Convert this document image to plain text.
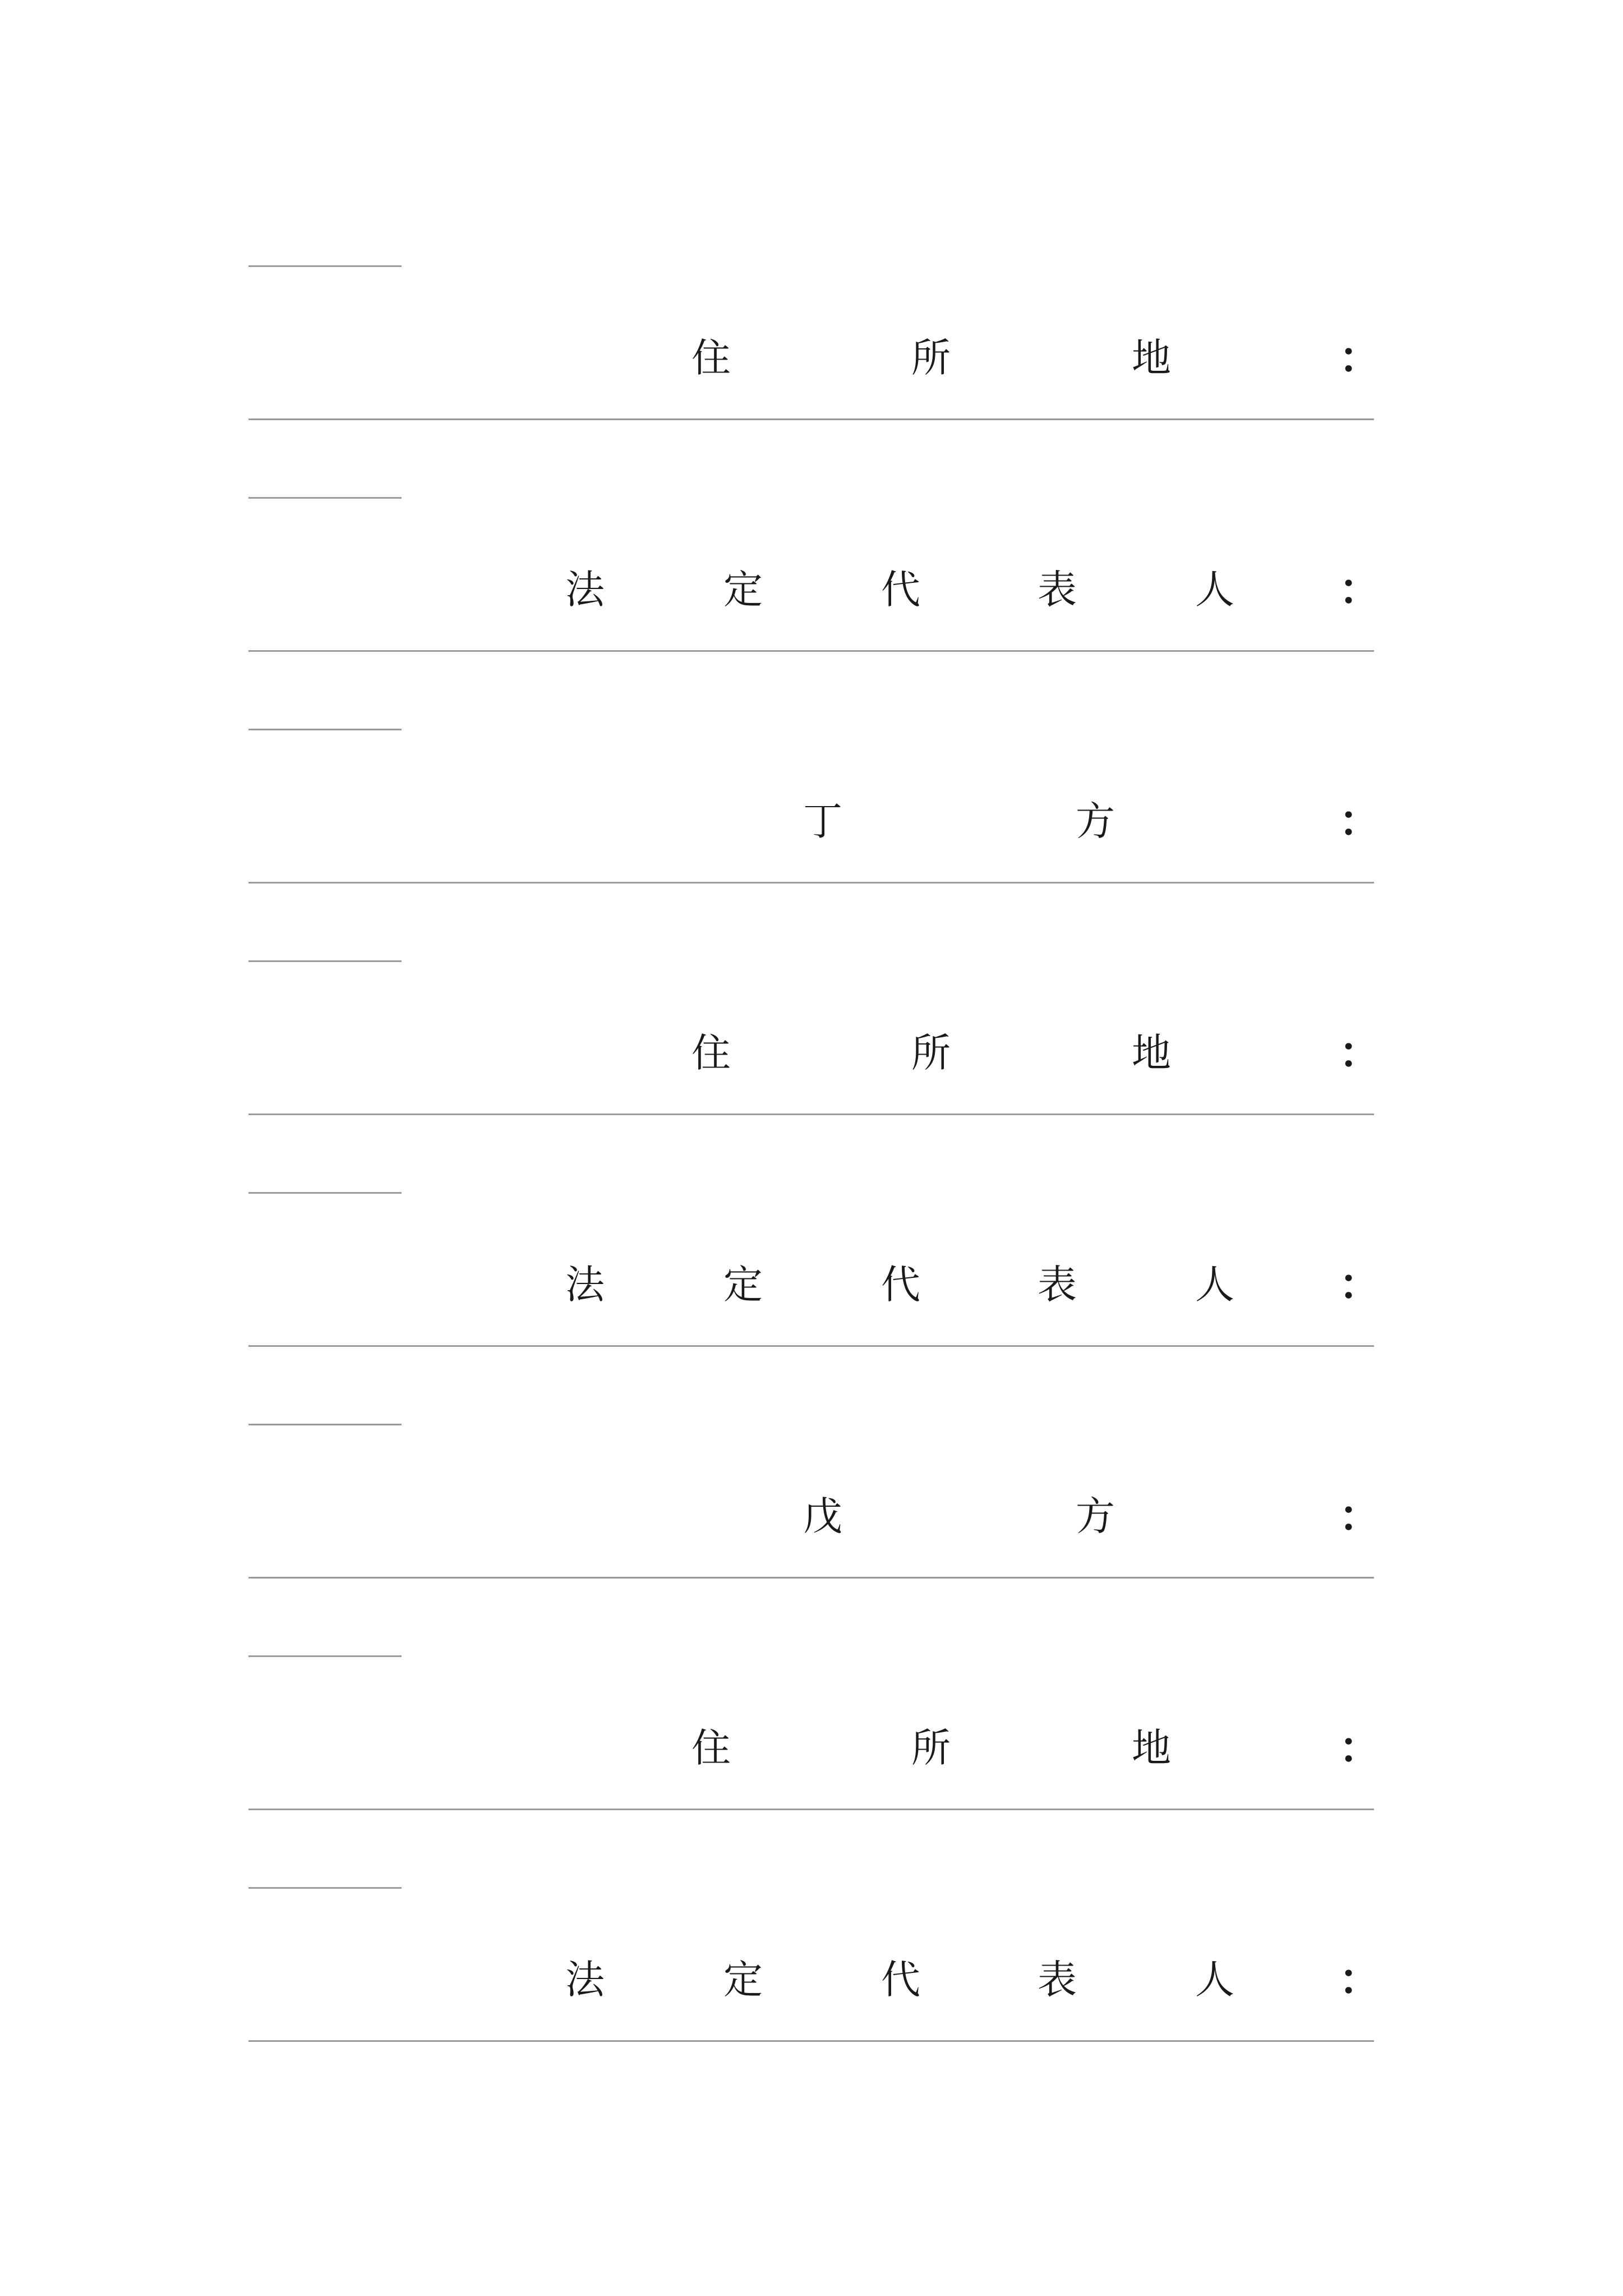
住	所	地	：
法	定	代	表	人 ：
丁	方	：
住	所	地	：
法	定	代	表	人 ：
戊	方	：
住	所	地	：
法	定	代	表	人 ：
